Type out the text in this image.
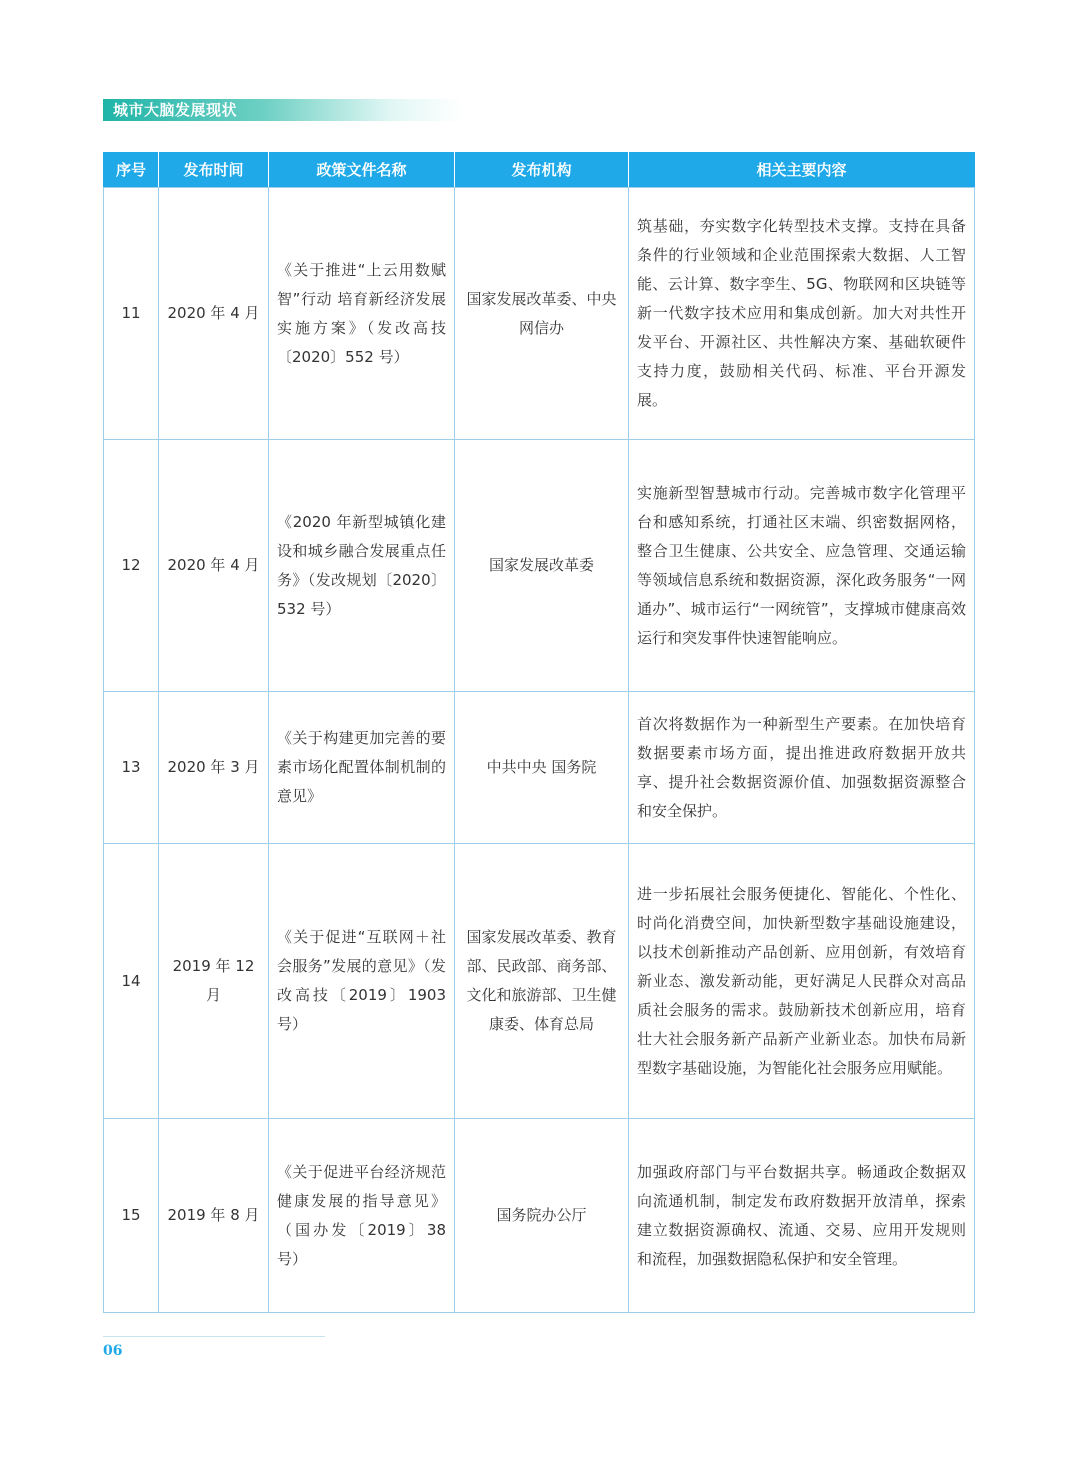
城市大脑发展现状
序号	发布时间	政策文件名称	发布机构	相关主要内容
11	2020 年 4 月	《关于推进“上云用数赋智”行动 培育新经济发展实施方案》（发改高技〔2020〕552 号）	国家发展改革委、中央网信办	筑基础，夯实数字化转型技术支撑。支持在具备条件的行业领域和企业范围探索大数据、人工智能、云计算、数字孪生、5G、物联网和区块链等新一代数字技术应用和集成创新。加大对共性开发平台、开源社区、共性解决方案、基础软硬件支持力度，鼓励相关代码、标准、平台开源发展。
12	2020 年 4 月	《2020 年新型城镇化建设和城乡融合发展重点任务》（发改规划〔2020〕532 号）	国家发展改革委	实施新型智慧城市行动。完善城市数字化管理平台和感知系统，打通社区末端、织密数据网格，整合卫生健康、公共安全、应急管理、交通运输等领域信息系统和数据资源，深化政务服务“一网通办”、城市运行“一网统管”，支撑城市健康高效运行和突发事件快速智能响应。
13	2020 年 3 月	《关于构建更加完善的要素市场化配置体制机制的意见》	中共中央 国务院	首次将数据作为一种新型生产要素。在加快培育数据要素市场方面，提出推进政府数据开放共享、提升社会数据资源价值、加强数据资源整合和安全保护。
14	2019 年 12 月	《关于促进“互联网＋社会服务”发展的意见》（发改高技〔2019〕1903 号）	国家发展改革委、教育部、民政部、商务部、文化和旅游部、卫生健康委、体育总局	进一步拓展社会服务便捷化、智能化、个性化、时尚化消费空间，加快新型数字基础设施建设，以技术创新推动产品创新、应用创新，有效培育新业态、激发新动能，更好满足人民群众对高品质社会服务的需求。鼓励新技术创新应用，培育壮大社会服务新产品新产业新业态。加快布局新型数字基础设施，为智能化社会服务应用赋能。
15	2019 年 8 月	《关于促进平台经济规范健康发展的指导意见》（国办发〔2019〕38 号）	国务院办公厅	加强政府部门与平台数据共享。畅通政企数据双向流通机制，制定发布政府数据开放清单，探索建立数据资源确权、流通、交易、应用开发规则和流程，加强数据隐私保护和安全管理。
06
